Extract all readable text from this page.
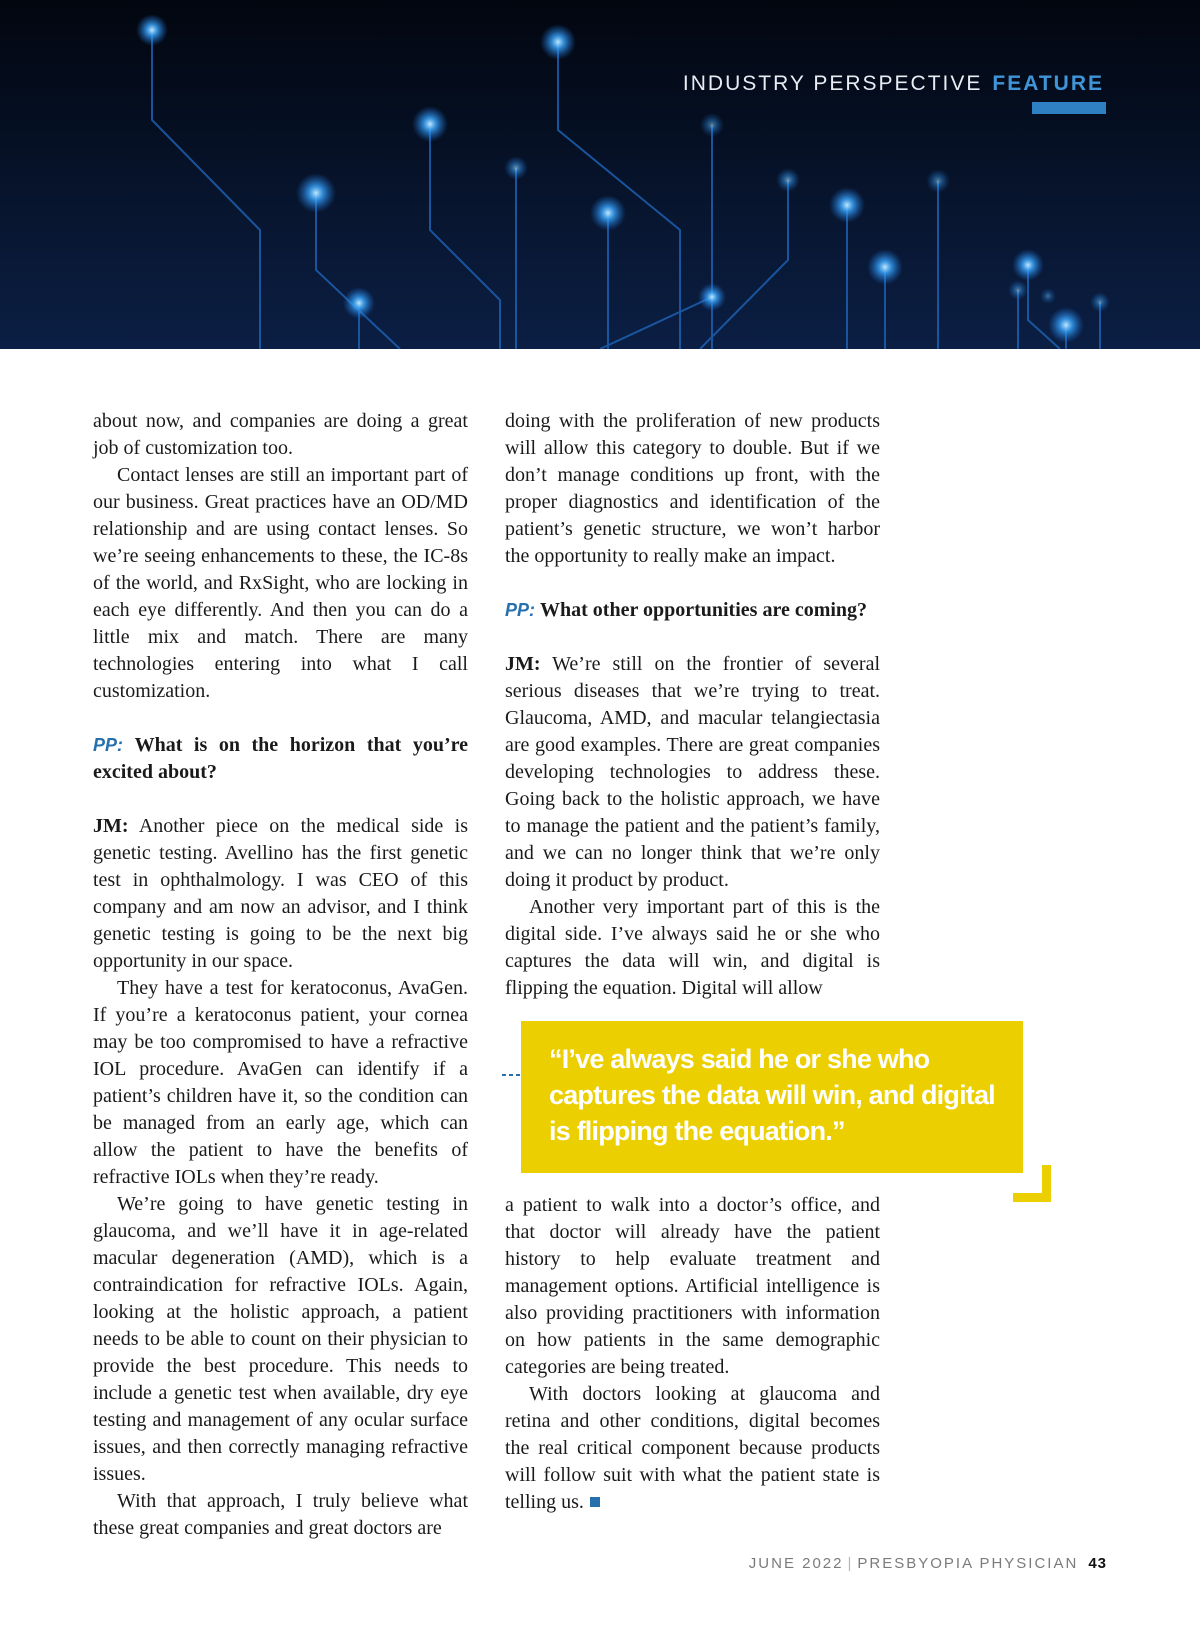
INDUSTRY PERSPECTIVE FEATURE

about now, and companies are doing a great job of customization too.

Contact lenses are still an important part of our business. Great practices have an OD/MD relationship and are using contact lenses. So we’re seeing enhancements to these, the IC-8s of the world, and RxSight, who are locking in each eye differently. And then you can do a little mix and match. There are many technologies entering into what I call customization.

PP: What is on the horizon that you’re excited about?

JM: Another piece on the medical side is genetic testing. Avellino has the first genetic test in ophthalmology. I was CEO of this company and am now an advisor, and I think genetic testing is going to be the next big opportunity in our space.

They have a test for keratoconus, AvaGen. If you’re a keratoconus patient, your cornea may be too compromised to have a refractive IOL procedure. AvaGen can identify if a patient’s children have it, so the condition can be managed from an early age, which can allow the patient to have the benefits of refractive IOLs when they’re ready.

We’re going to have genetic testing in glaucoma, and we’ll have it in age-related macular degeneration (AMD), which is a contraindication for refractive IOLs. Again, looking at the holistic approach, a patient needs to be able to count on their physician to provide the best procedure. This needs to include a genetic test when available, dry eye testing and management of any ocular surface issues, and then correctly managing refractive issues.

With that approach, I truly believe what these great companies and great doctors are

doing with the proliferation of new products will allow this category to double. But if we don’t manage conditions up front, with the proper diagnostics and identification of the patient’s genetic structure, we won’t harbor the opportunity to really make an impact.

PP: What other opportunities are coming?

JM: We’re still on the frontier of several serious diseases that we’re trying to treat. Glaucoma, AMD, and macular telangiectasia are good examples. There are great companies developing technologies to address these. Going back to the holistic approach, we have to manage the patient and the patient’s family, and we can no longer think that we’re only doing it product by product.

Another very important part of this is the digital side. I’ve always said he or she who captures the data will win, and digital is flipping the equation. Digital will allow

“I’ve always said he or she who captures the data will win, and digital is flipping the equation.”

a patient to walk into a doctor’s office, and that doctor will already have the patient history to help evaluate treatment and management options. Artificial intelligence is also providing practitioners with information on how patients in the same demographic categories are being treated.

With doctors looking at glaucoma and retina and other conditions, digital becomes the real critical component because products will follow suit with what the patient state is telling us.

JUNE 2022 | PRESBYOPIA PHYSICIAN 43
